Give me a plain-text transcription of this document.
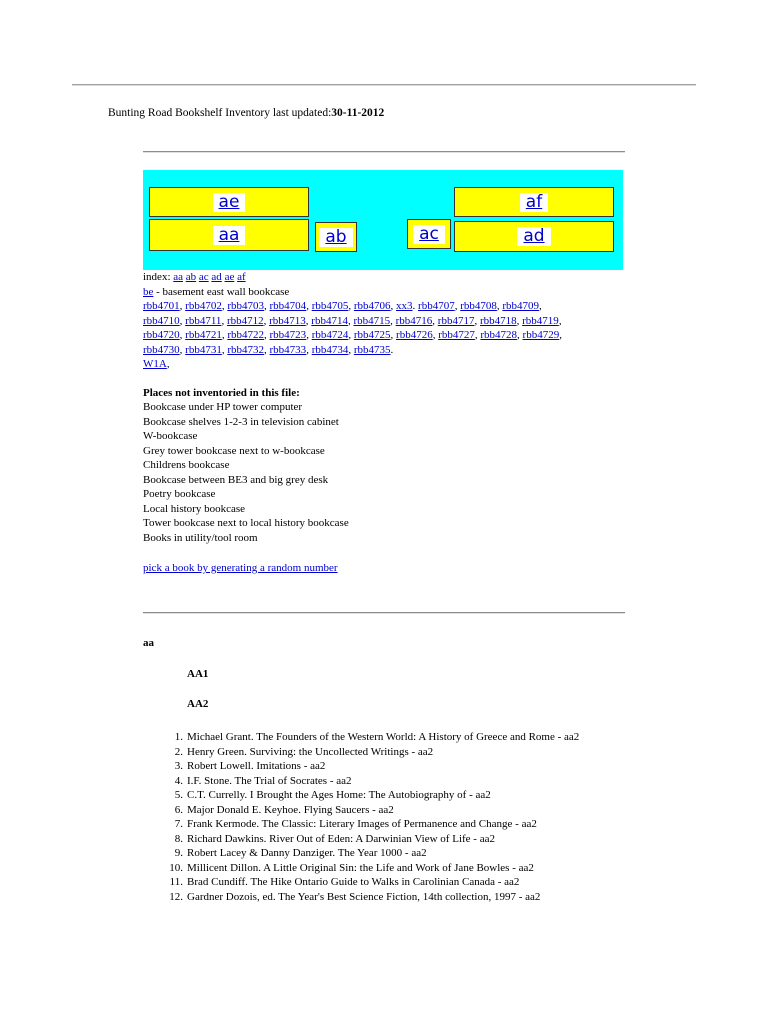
Bunting Road Bookshelf Inventory last updated:30-11-2012
ae
aa	ab	ac
af
ad

index: aa ab ac ad ae af

be - basement east wall bookcase

rbb4701, rbb4702, rbb4703, rbb4704, rbb4705, rbb4706, xx3. rbb4707, rbb4708, rbb4709,

rbb4710, rbb4711, rbb4712, rbb4713, rbb4714, rbb4715, rbb4716, rbb4717, rbb4718, rbb4719,

rbb4720, rbb4721, rbb4722, rbb4723, rbb4724, rbb4725, rbb4726, rbb4727, rbb4728, rbb4729,

rbb4730, rbb4731, rbb4732, rbb4733, rbb4734, rbb4735.

W1A,

Places not inventoried in this file:

Bookcase under HP tower computer

Bookcase shelves 1-2-3 in television cabinet

W-bookcase

Grey tower bookcase next to w-bookcase

Childrens bookcase

Bookcase between BE3 and big grey desk

Poetry bookcase

Local history bookcase

Tower bookcase next to local history bookcase

Books in utility/tool room

pick a book by generating a random number
aa
AA1
AA2
1. Michael Grant. The Founders of the Western World: A History of Greece and Rome - aa2
2. Henry Green. Surviving: the Uncollected Writings - aa2
3. Robert Lowell. Imitations - aa2
4. I.F. Stone. The Trial of Socrates - aa2
5. C.T. Currelly. I Brought the Ages Home: The Autobiography of - aa2
6. Major Donald E. Keyhoe. Flying Saucers - aa2
7. Frank Kermode. The Classic: Literary Images of Permanence and Change - aa2
8. Richard Dawkins. River Out of Eden: A Darwinian View of Life - aa2
9. Robert Lacey & Danny Danziger. The Year 1000 - aa2
10. Millicent Dillon. A Little Original Sin: the Life and Work of Jane Bowles - aa2
11. Brad Cundiff. The Hike Ontario Guide to Walks in Carolinian Canada - aa2
12. Gardner Dozois, ed. The Year's Best Science Fiction, 14th collection, 1997 - aa2
